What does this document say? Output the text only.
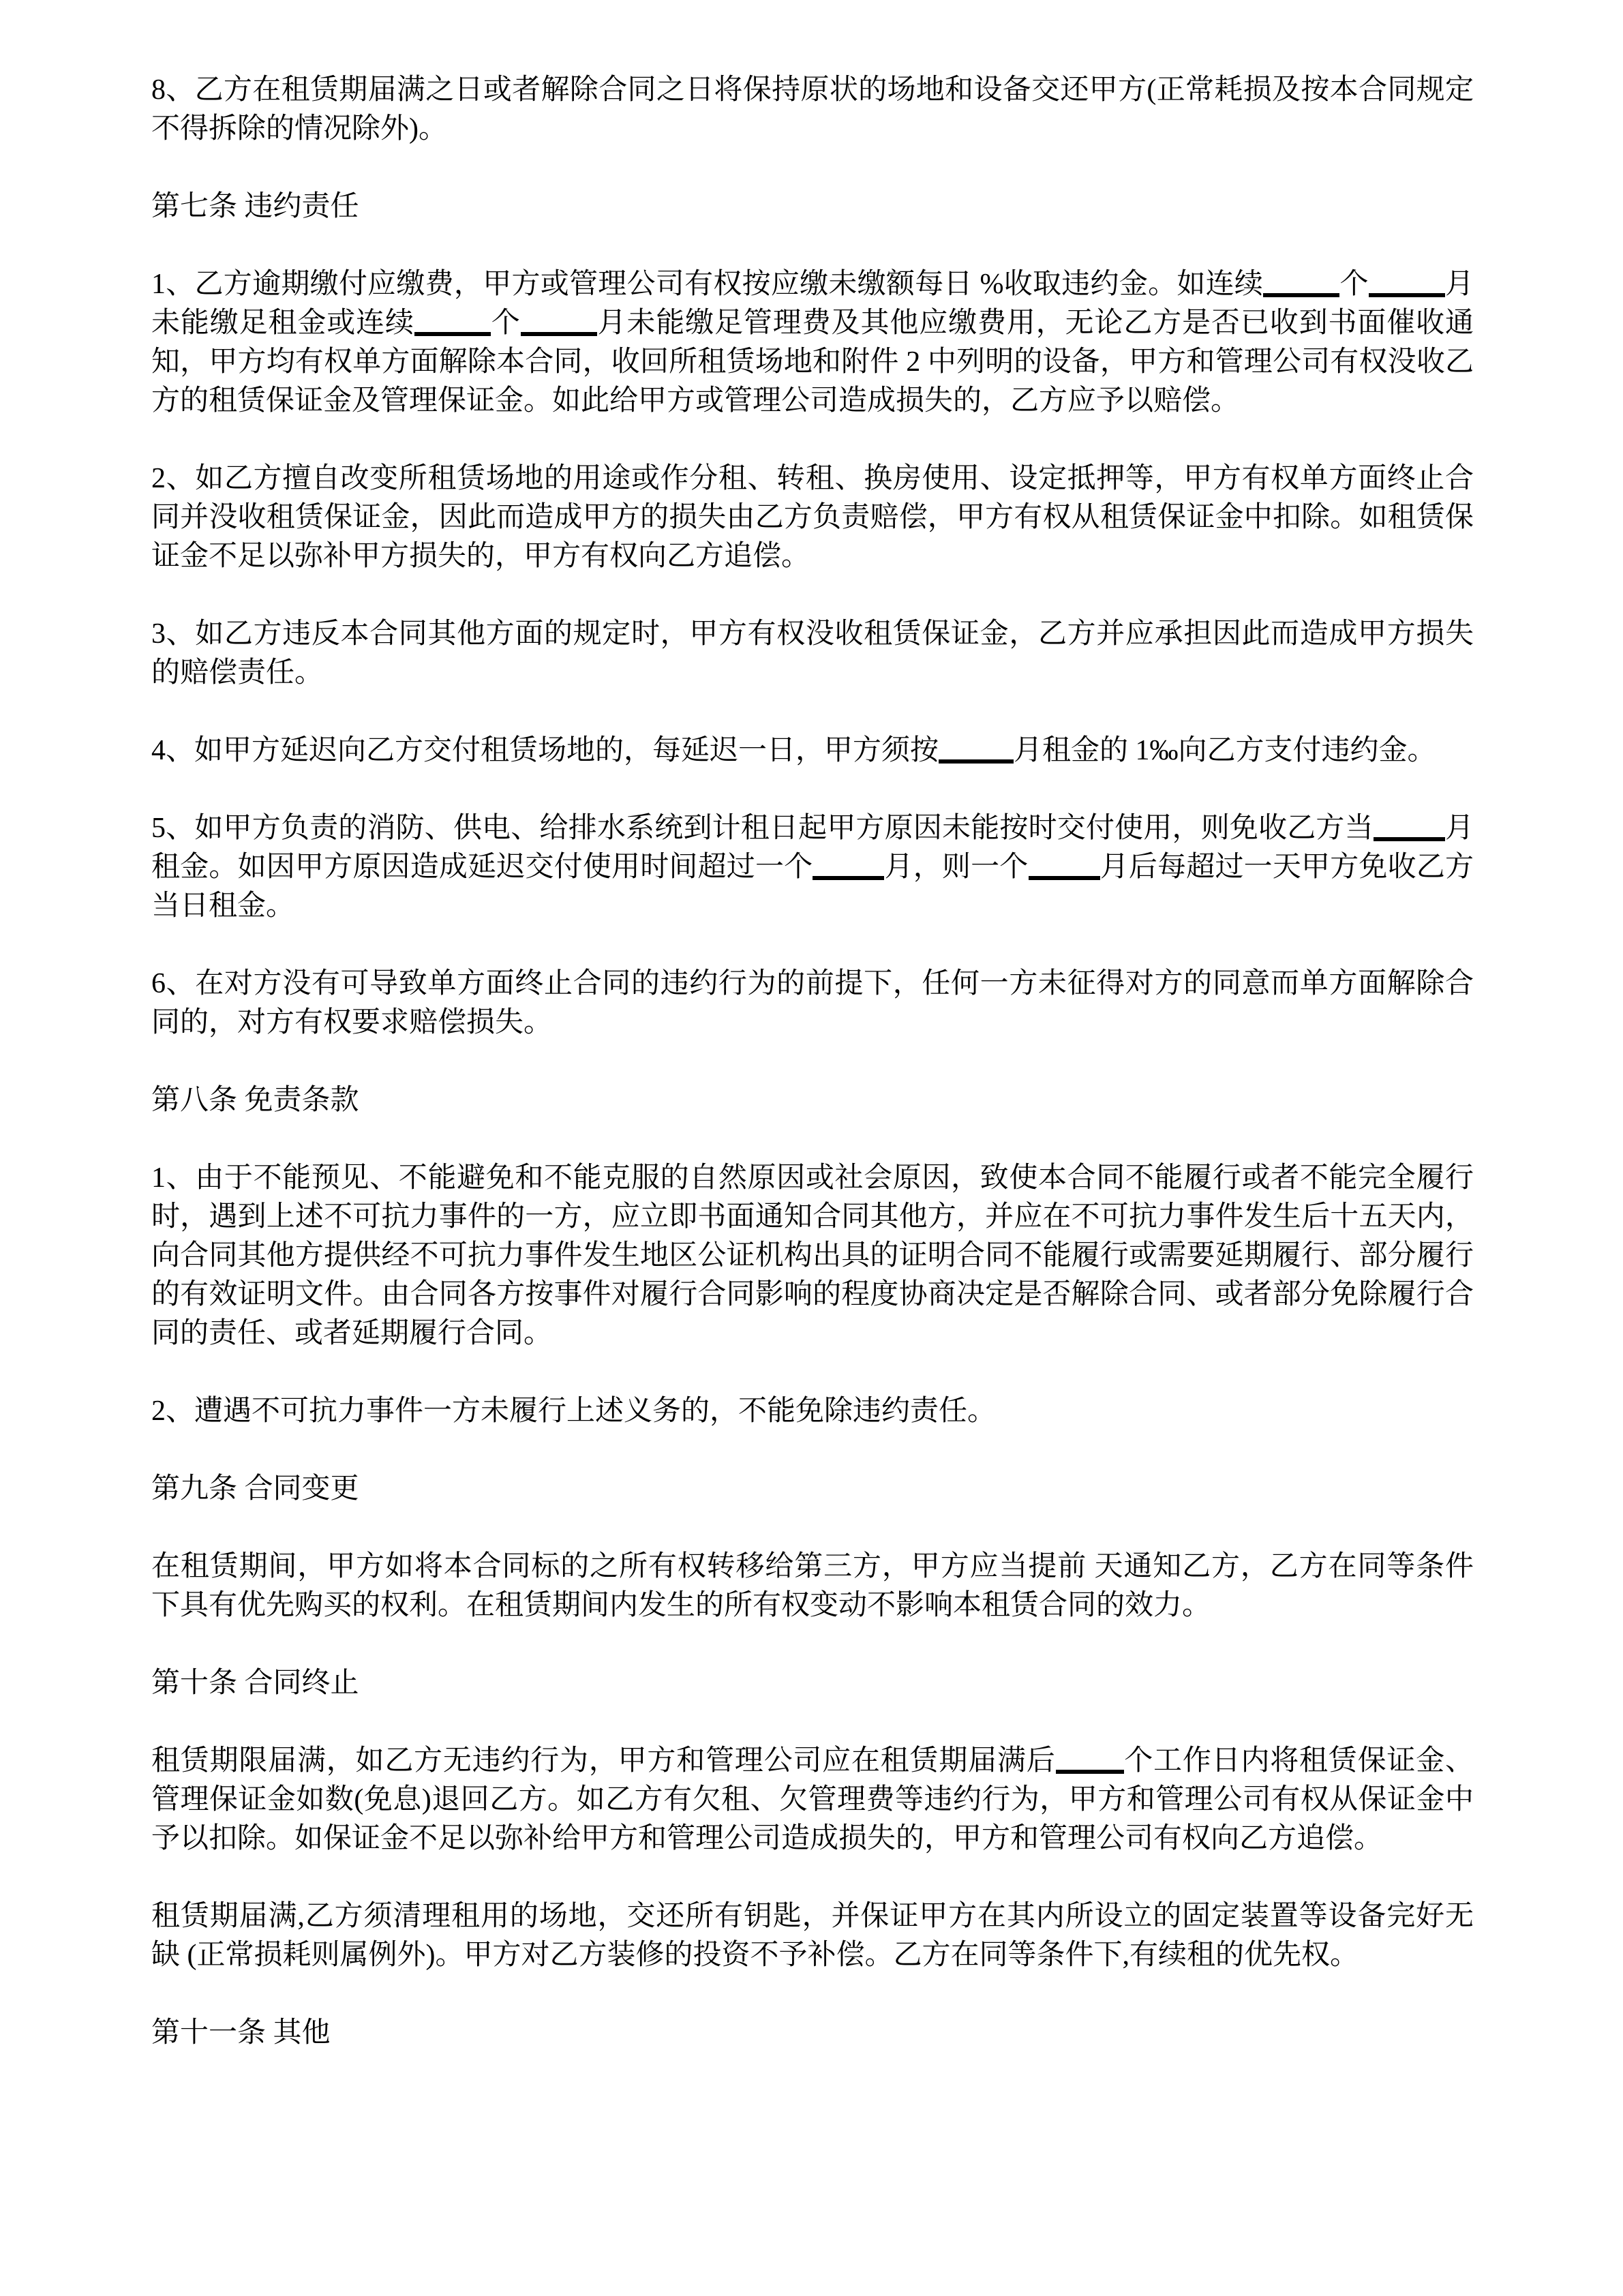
8、乙方在租赁期届满之日或者解除合同之日将保持原状的场地和设备交还甲方(正常耗损及按本合同规定不得拆除的情况除外)。
第七条 违约责任
1、乙方逾期缴付应缴费，甲方或管理公司有权按应缴未缴额每日 %收取违约金。如连续	个	月未能缴足租金或连续	个	月未能缴足管理费及其他应缴费用，无论乙方是否已收到书面催收通知，甲方均有权单方面解除本合同，收回所租赁场地和附件 2 中列明的设备，甲方和管理公司有权没收乙方的租赁保证金及管理保证金。如此给甲方或管理公司造成损失的，乙方应予以赔偿。
2、如乙方擅自改变所租赁场地的用途或作分租、转租、换房使用、设定抵押等，甲方有权单方面终止合同并没收租赁保证金，因此而造成甲方的损失由乙方负责赔偿，甲方有权从租赁保证金中扣除。如租赁保证金不足以弥补甲方损失的，甲方有权向乙方追偿。
3、如乙方违反本合同其他方面的规定时，甲方有权没收租赁保证金，乙方并应承担因此而造成甲方损失的赔偿责任。
4、如甲方延迟向乙方交付租赁场地的，每延迟一日，甲方须按	月租金的 1‰向乙方支付违约金。
5、如甲方负责的消防、供电、给排水系统到计租日起甲方原因未能按时交付使用，则免收乙方当	月租金。如因甲方原因造成延迟交付使用时间超过一个	月，则一个	月后每超过一天甲方免收乙方当日租金。
6、在对方没有可导致单方面终止合同的违约行为的前提下，任何一方未征得对方的同意而单方面解除合同的，对方有权要求赔偿损失。
第八条 免责条款
1、由于不能预见、不能避免和不能克服的自然原因或社会原因，致使本合同不能履行或者不能完全履行时，遇到上述不可抗力事件的一方，应立即书面通知合同其他方，并应在不可抗力事件发生后十五天内，向合同其他方提供经不可抗力事件发生地区公证机构出具的证明合同不能履行或需要延期履行、部分履行的有效证明文件。由合同各方按事件对履行合同影响的程度协商决定是否解除合同、或者部分免除履行合同的责任、或者延期履行合同。
2、遭遇不可抗力事件一方未履行上述义务的，不能免除违约责任。
第九条 合同变更
在租赁期间，甲方如将本合同标的之所有权转移给第三方，甲方应当提前 天通知乙方，乙方在同等条件下具有优先购买的权利。在租赁期间内发生的所有权变动不影响本租赁合同的效力。
第十条 合同终止
租赁期限届满，如乙方无违约行为，甲方和管理公司应在租赁期届满后 个工作日内将租赁保证金、管理保证金如数(免息)退回乙方。如乙方有欠租、欠管理费等违约行为，甲方和管理公司有权从保证金中予以扣除。如保证金不足以弥补给甲方和管理公司造成损失的，甲方和管理公司有权向乙方追偿。
租赁期届满,乙方须清理租用的场地，交还所有钥匙，并保证甲方在其内所设立的固定装置等设备完好无缺 (正常损耗则属例外)。甲方对乙方装修的投资不予补偿。乙方在同等条件下,有续租的优先权。
第十一条 其他
